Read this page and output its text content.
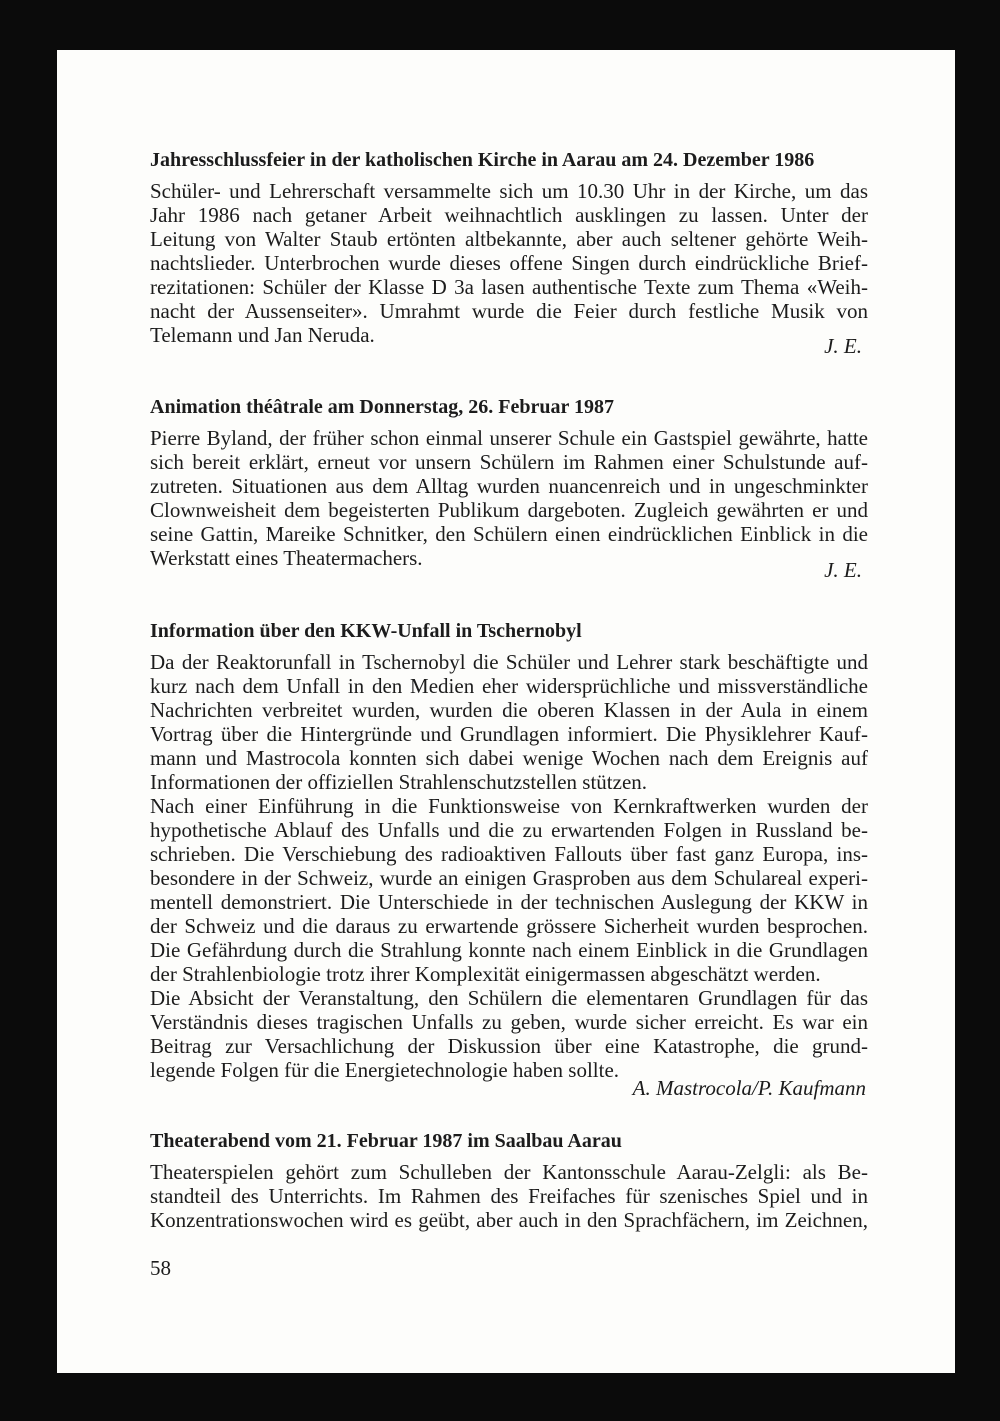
Jahresschlussfeier in der katholischen Kirche in Aarau am 24. Dezember 1986
Schüler- und Lehrerschaft versammelte sich um 10.30 Uhr in der Kirche, um das
Jahr 1986 nach getaner Arbeit weihnachtlich ausklingen zu lassen. Unter der
Leitung von Walter Staub ertönten altbekannte, aber auch seltener gehörte Weih-
nachtslieder. Unterbrochen wurde dieses offene Singen durch eindrückliche Brief-
rezitationen: Schüler der Klasse D 3a lasen authentische Texte zum Thema «Weih-
nacht der Aussenseiter». Umrahmt wurde die Feier durch festliche Musik von
Telemann und Jan Neruda.	J. E.
Animation théâtrale am Donnerstag, 26. Februar 1987
Pierre Byland, der früher schon einmal unserer Schule ein Gastspiel gewährte, hatte
sich bereit erklärt, erneut vor unsern Schülern im Rahmen einer Schulstunde auf-
zutreten. Situationen aus dem Alltag wurden nuancenreich und in ungeschminkter
Clownweisheit dem begeisterten Publikum dargeboten. Zugleich gewährten er und
seine Gattin, Mareike Schnitker, den Schülern einen eindrücklichen Einblick in die
Werkstatt eines Theatermachers.	J. E.
Information über den KKW-Unfall in Tschernobyl
Da der Reaktorunfall in Tschernobyl die Schüler und Lehrer stark beschäftigte und
kurz nach dem Unfall in den Medien eher widersprüchliche und missverständliche
Nachrichten verbreitet wurden, wurden die oberen Klassen in der Aula in einem
Vortrag über die Hintergründe und Grundlagen informiert. Die Physiklehrer Kauf-
mann und Mastrocola konnten sich dabei wenige Wochen nach dem Ereignis auf
Informationen der offiziellen Strahlenschutzstellen stützen.
Nach einer Einführung in die Funktionsweise von Kernkraftwerken wurden der
hypothetische Ablauf des Unfalls und die zu erwartenden Folgen in Russland be-
schrieben. Die Verschiebung des radioaktiven Fallouts über fast ganz Europa, ins-
besondere in der Schweiz, wurde an einigen Grasproben aus dem Schulareal experi-
mentell demonstriert. Die Unterschiede in der technischen Auslegung der KKW in
der Schweiz und die daraus zu erwartende grössere Sicherheit wurden besprochen.
Die Gefährdung durch die Strahlung konnte nach einem Einblick in die Grundlagen
der Strahlenbiologie trotz ihrer Komplexität einigermassen abgeschätzt werden.
Die Absicht der Veranstaltung, den Schülern die elementaren Grundlagen für das
Verständnis dieses tragischen Unfalls zu geben, wurde sicher erreicht. Es war ein
Beitrag zur Versachlichung der Diskussion über eine Katastrophe, die grund-
legende Folgen für die Energietechnologie haben sollte.
A. Mastrocola/P. Kaufmann
Theaterabend vom 21. Februar 1987 im Saalbau Aarau
Theaterspielen gehört zum Schulleben der Kantonsschule Aarau-Zelgli: als Be-
standteil des Unterrichts. Im Rahmen des Freifaches für szenisches Spiel und in
Konzentrationswochen wird es geübt, aber auch in den Sprachfächern, im Zeichnen,
58
